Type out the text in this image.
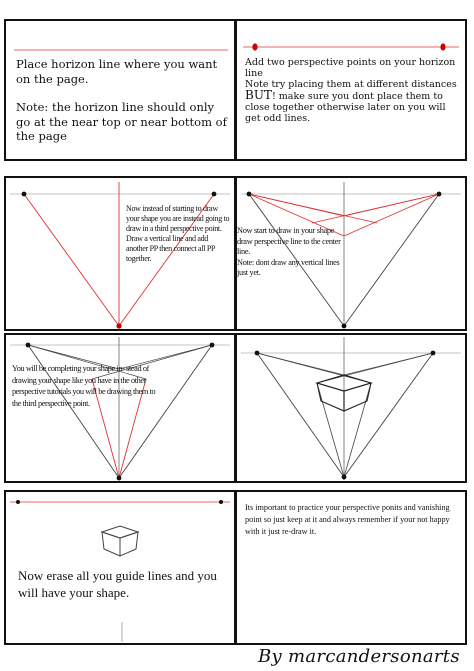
Place horizon line where you want on the page.

Note: the horizon line should only go at the near top or near bottom of the page

Add two perspective points on your horizon line
Note try placing them at different distances
BUT! make sure you dont place them to close together otherwise later on you will get odd lines.
Now instead of starting to draw your shape you are instead going to draw in a third perspective point.
Draw a vertical line and add another PP then connect all PP together.
Now start to draw in your shape draw perspective line to the center line.
Note: dont draw any vertical lines just yet.
You will be completing your shape in- stead of drawing your shape like you have in the other perspective tutorials you will be drawing them to the third perspective point.
Now erase all you guide lines and you will have your shape.
Its important to practice your perspective ponits and vanishing point so just keep at it and always remember if your not happy with it just re-draw it.
By marcandersonarts
